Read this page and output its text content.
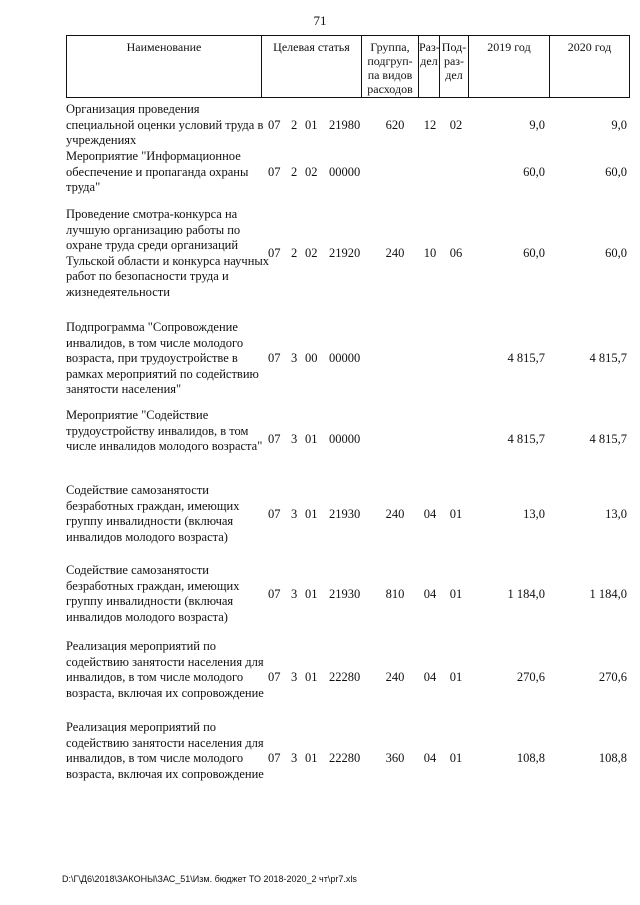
71
Наименование	Целевая статья	Группа, подгруп- па видов расходов
Раз- дел
Под- раз- дел
2019 год	2020 год
Организация проведения специальной оценки условий труда в учреждениях
07 2 01 21980	620	12	02	9,0	9,0
Мероприятие "Информационное обеспечение и пропаганда охраны труда"
07 2 02 00000	60,0	60,0
Проведение смотра-конкурса на лучшую организацию работы по охране труда среди организаций Тульской области и конкурса научных работ по безопасности труда и жизнедеятельности
07 2 02 21920	240	10	06	60,0	60,0
Подпрограмма "Сопровождение инвалидов, в том числе молодого возраста, при трудоустройстве в рамках мероприятий по содействию занятости населения"
07 3 00 00000	4 815,7	4 815,7
Мероприятие "Содействие трудоустройству инвалидов, в том числе инвалидов молодого возраста" 07 3 01 00000	4 815,7	4 815,7
Содействие самозанятости безработных граждан, имеющих группу инвалидности (включая инвалидов молодого возраста)
07 3 01 21930	240	04	01	13,0	13,0
Содействие самозанятости безработных граждан, имеющих группу инвалидности (включая инвалидов молодого возраста)
07 3 01 21930	810	04	01	1 184,0	1 184,0
Реализация мероприятий по содействию занятости населения для инвалидов, в том числе молодого возраста, включая их сопровождение
07 3 01 22280	240	04	01	270,6	270,6
Реализация мероприятий по содействию занятости населения для инвалидов, в том числе молодого возраста, включая их сопровождение
07 3 01 22280	360	04	01	108,8	108,8
D:\Г\Д6\2018\ЗАКОНЫ\ЗАС_51\Изм. бюджет ТО 2018-2020_2 чт\pr7.xls
